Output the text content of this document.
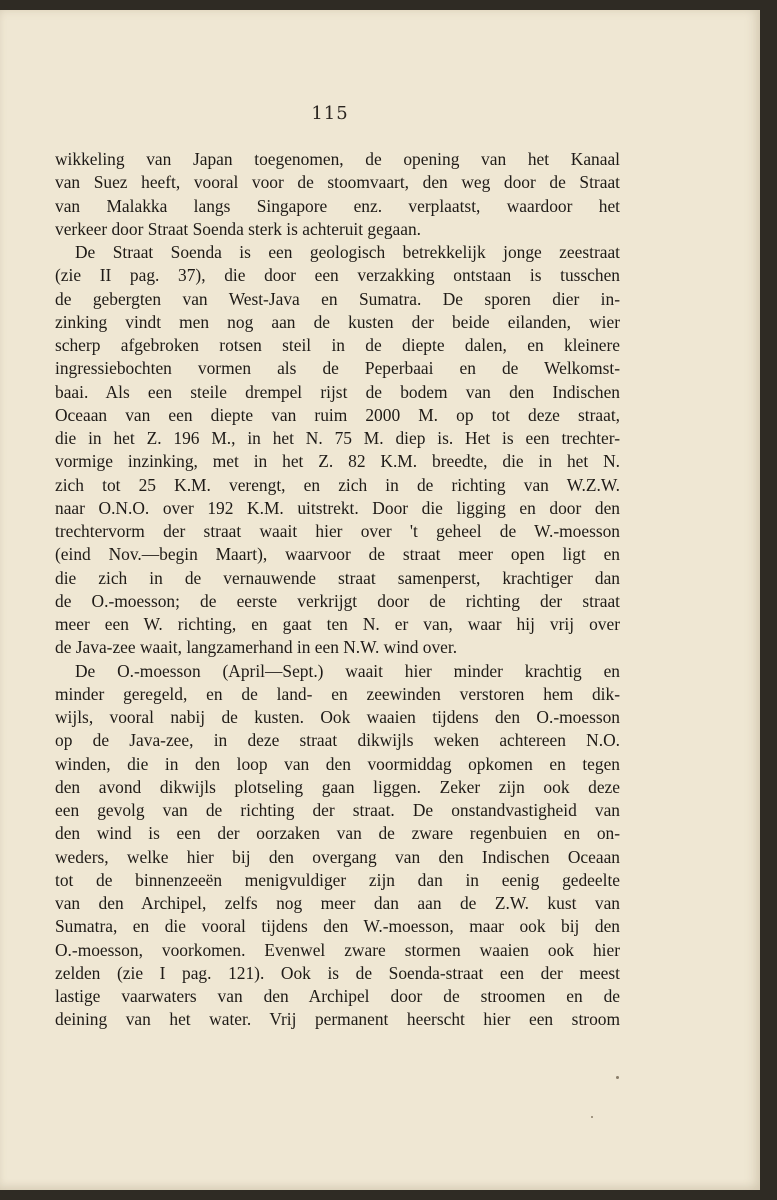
115
wikkeling van Japan toegenomen, de opening van het Kanaal
van Suez heeft, vooral voor de stoomvaart, den weg door de Straat
van Malakka langs Singapore enz. verplaatst, waardoor het
verkeer door Straat Soenda sterk is achteruit gegaan.
De Straat Soenda is een geologisch betrekkelijk jonge zeestraat
(zie II pag. 37), die door een verzakking ontstaan is tusschen
de gebergten van West-Java en Sumatra. De sporen dier in-
zinking vindt men nog aan de kusten der beide eilanden, wier
scherp afgebroken rotsen steil in de diepte dalen, en kleinere
ingressiebochten vormen als de Peperbaai en de Welkomst-
baai. Als een steile drempel rijst de bodem van den Indischen
Oceaan van een diepte van ruim 2000 M. op tot deze straat,
die in het Z. 196 M., in het N. 75 M. diep is. Het is een trechter-
vormige inzinking, met in het Z. 82 K.M. breedte, die in het N.
zich tot 25 K.M. verengt, en zich in de richting van W.Z.W.
naar O.N.O. over 192 K.M. uitstrekt. Door die ligging en door den
trechtervorm der straat waait hier over 't geheel de W.-moesson
(eind Nov.—begin Maart), waarvoor de straat meer open ligt en
die zich in de vernauwende straat samenperst, krachtiger dan
de O.-moesson; de eerste verkrijgt door de richting der straat
meer een W. richting, en gaat ten N. er van, waar hij vrij over
de Java-zee waait, langzamerhand in een N.W. wind over.
De O.-moesson (April—Sept.) waait hier minder krachtig en
minder geregeld, en de land- en zeewinden verstoren hem dik-
wijls, vooral nabij de kusten. Ook waaien tijdens den O.-moesson
op de Java-zee, in deze straat dikwijls weken achtereen N.O.
winden, die in den loop van den voormiddag opkomen en tegen
den avond dikwijls plotseling gaan liggen. Zeker zijn ook deze
een gevolg van de richting der straat. De onstandvastigheid van
den wind is een der oorzaken van de zware regenbuien en on-
weders, welke hier bij den overgang van den Indischen Oceaan
tot de binnenzeeën menigvuldiger zijn dan in eenig gedeelte
van den Archipel, zelfs nog meer dan aan de Z.W. kust van
Sumatra, en die vooral tijdens den W.-moesson, maar ook bij den
O.-moesson, voorkomen. Evenwel zware stormen waaien ook hier
zelden (zie I pag. 121). Ook is de Soenda-straat een der meest
lastige vaarwaters van den Archipel door de stroomen en de
deining van het water. Vrij permanent heerscht hier een stroom
